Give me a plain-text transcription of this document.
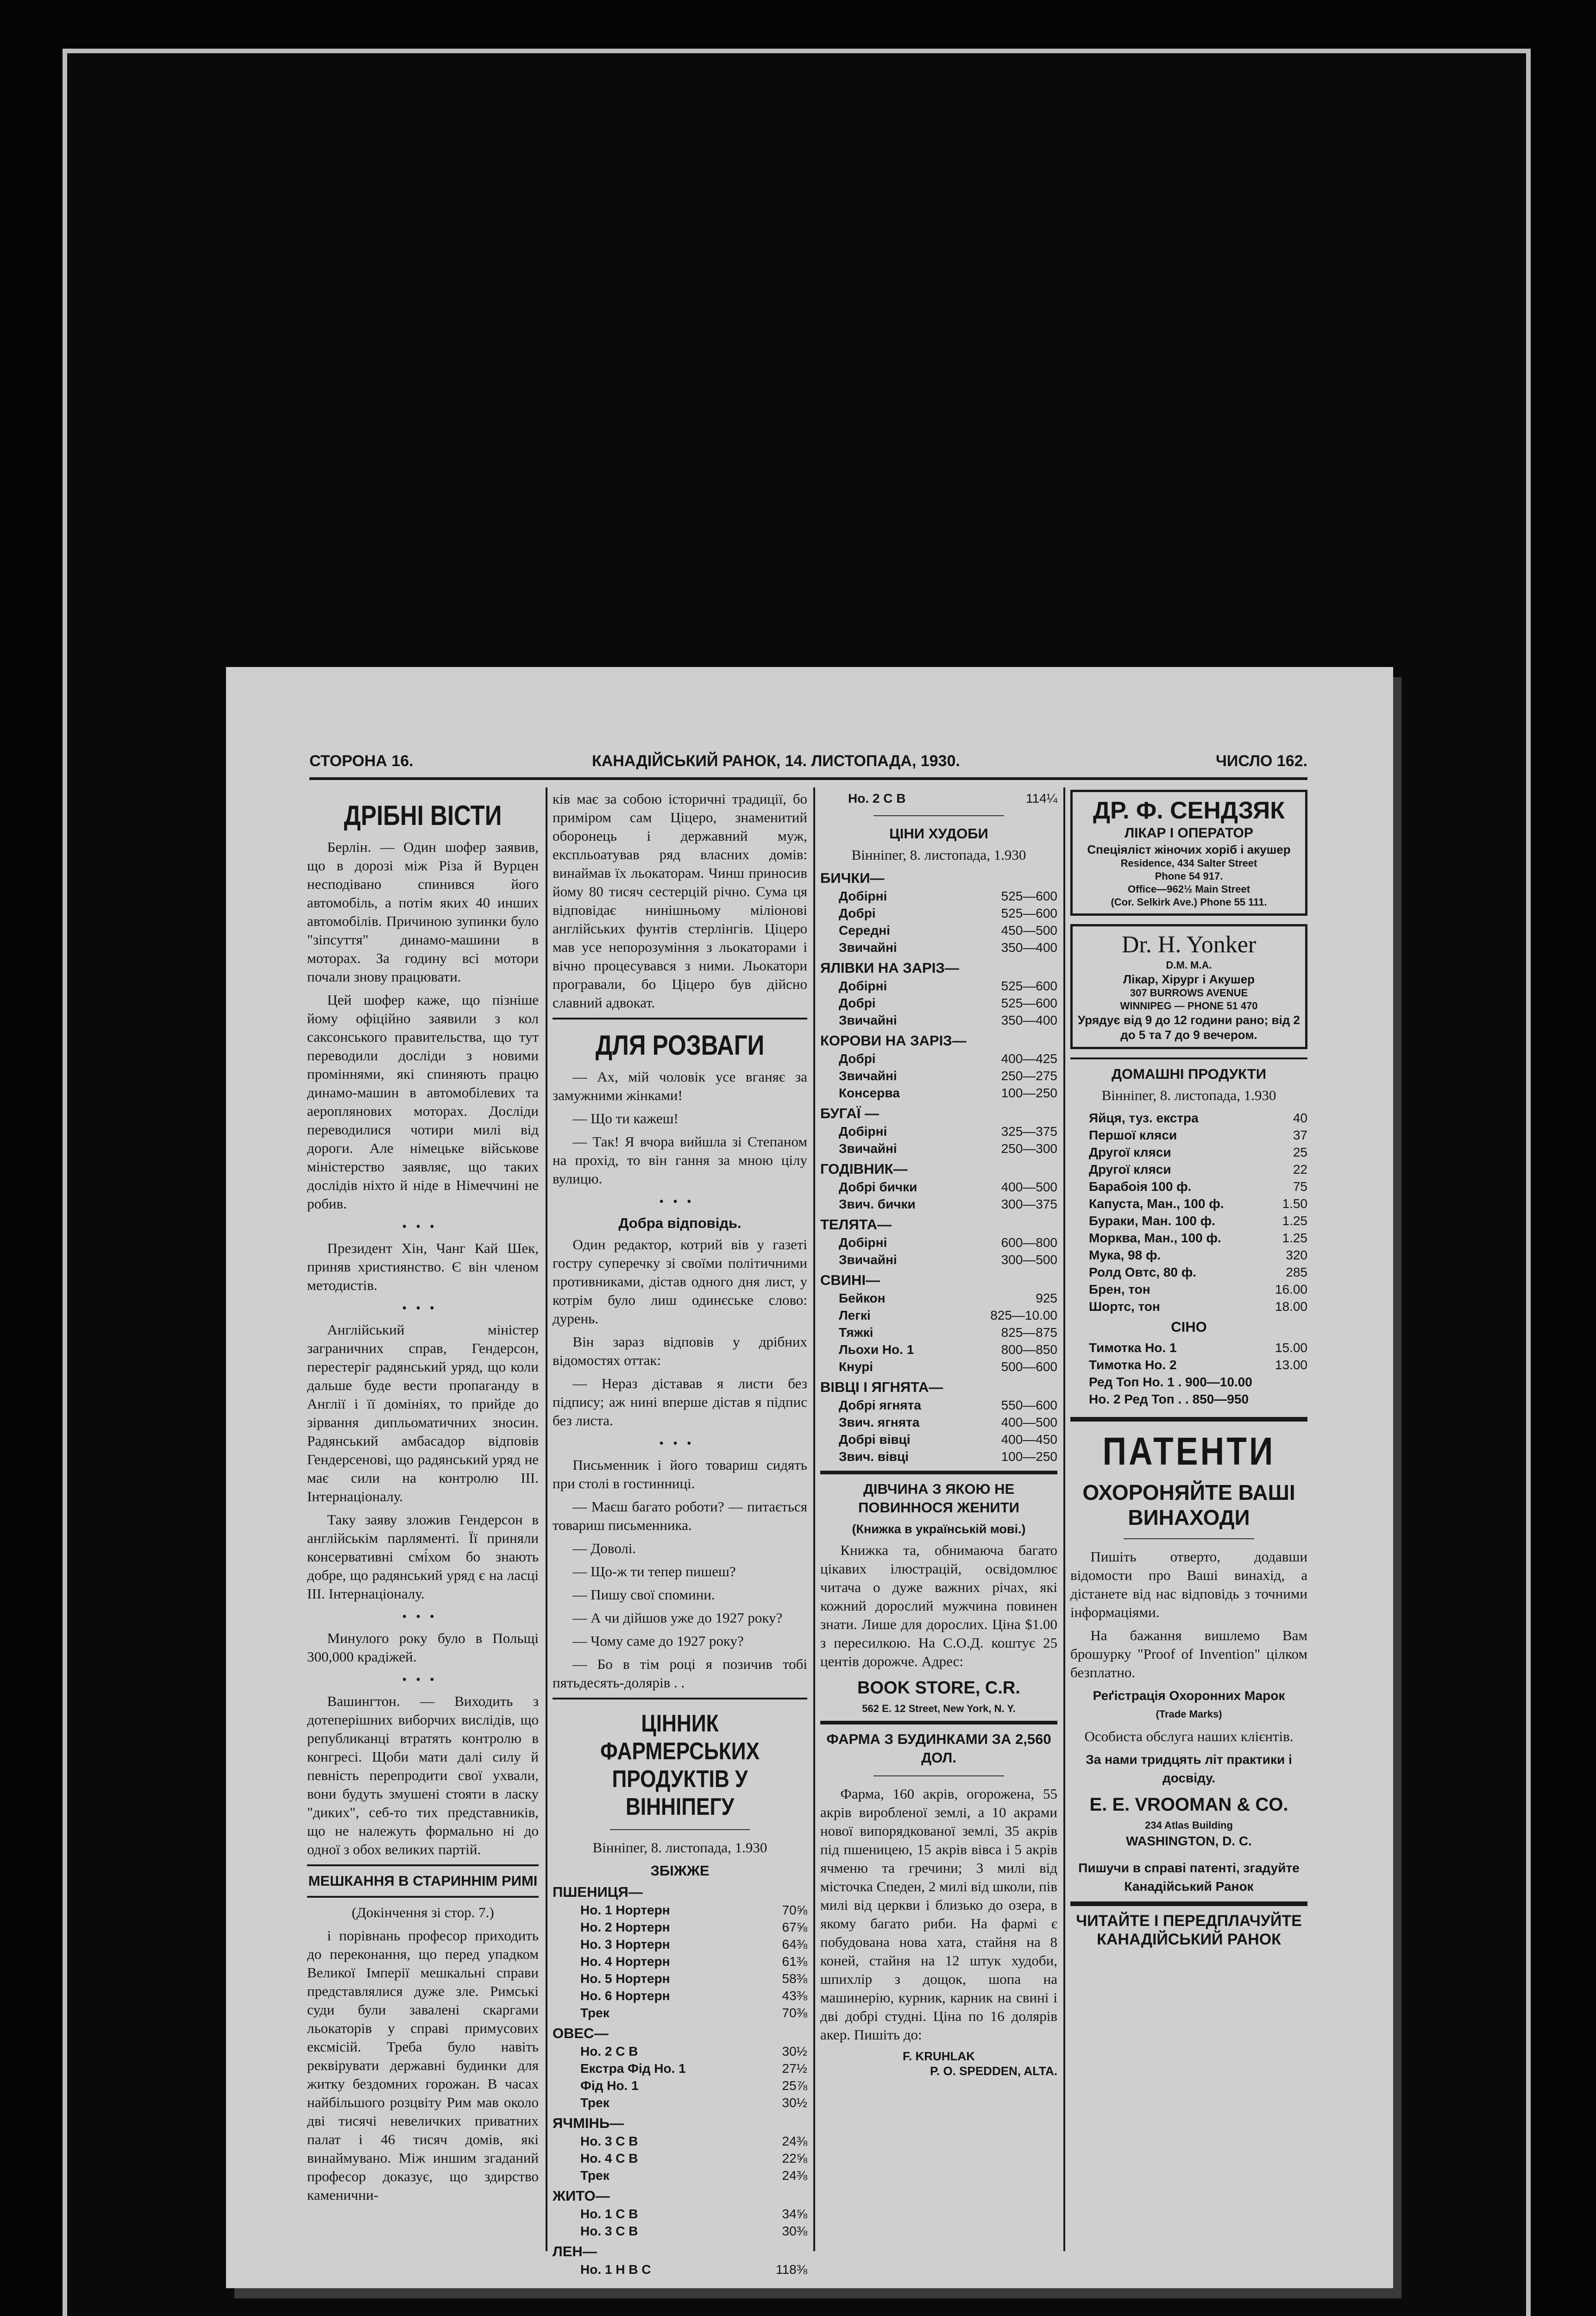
СТОРОНА 16.	КАНАДІЙСЬКИЙ РАНОК, 14. ЛИСТОПАДА, 1930.	ЧИСЛО 162.
ДРІБНІ ВІСТИ

Берлін. — Один шофер заявив, що в дорозі між Різа й Вурцен несподівано спинився його автомобіль, а потім яких 40 инших автомобілів. Причиною зупинки було "зіпсуття" динамо-машини в моторах. За годину всі мотори почали знову працювати.

Цей шофер каже, що пізніше йому офіційно заявили з кол саксонського правительства, що тут переводили досліди з новими проміннями, які спиняють працю динамо-машин в автомобілевих та аеропляновиx моторах. Досліди переводилися чотири милі від дороги. Але німецьке військове міністерство заявляє, що таких дослідів ніхто й ніде в Німеччині не робив.

•••

Президент Хін, Чанг Кай Шек, приняв християнство. Є він членом методистів.

•••

Англійський міністер заграничних справ, Гендерсон, перестеріг радянський уряд, що коли дальше буде вести пропаганду в Англії і її домініях, то прийде до зірвання дипльоматичних зносин. Радянський амбасадор відповів Гендерсенові, що радянський уряд не має сили на контролю ІІІ. Інтернаціоналу.

Таку заяву зложив Гендерсон в англійськім парляменті. Її приняли консервативні смі́хом бо знають добре, що радянський уряд є на ласці ІІІ. Інтернаціоналу.

•••

Минулого року було в Польщі 300,000 крадіжей.

•••

Вашингтон. — Виходить з дотеперішних виборчих вислідів, що републиканці втратять контролю в конгресі. Щоби мати далі силу й певність перепродити свої ухвали, вони будуть змушені стояти в ласку "диких", себ-то тих представників, що не належуть формально ні до одної з обох великих партій.

МЕШКАННЯ В СТАРИННІМ РИМІ

(Докінчення зі стор. 7.)

і порівнань професор приходить до переконання, що перед упадком Великої Імперії мешкальні справи представлялися дуже зле. Римські суди були завалені скаргами льокаторів у справі примусових ексмісій. Треба було навіть реквірувати державні будинки для житку бездомних горожан. В часах найбільшого розцвіту Рим мав около дві тисячі невеличких приватних палат і 46 тисяч домів, які винаймувано. Між иншим згаданий професор доказує, що здирство каменични-

ків має за собою історичні традиції, бо приміром сам Ціцеро, знаменитий оборонець і державний муж, експльоатував ряд власних домів: винаймав їх льокаторам. Чинш приносив йому 80 тисяч сестерцій річно. Сума ця відповідає нинішньому міліонові англійських фунтів стерлінгів. Ціцеро мав усе непорозуміння з льокаторами і вічно процесувався з ними. Льокатори програвали, бо Ціцеро був дійсно славний адвокат.

ДЛЯ РОЗВАГИ

— Ах, мій чоловік усе вганяє за замужними жінками!

— Що ти кажеш!

— Так! Я вчора вийшла зі Степаном на прохід, то він гання за мною цілу вулицю.

•••
Добра відповідь.

Один редактор, котрий вів у газеті гостру суперечку зі своїми політичними противниками, дістав одного дня лист, у котрім було лиш одинєське слово: дурень.

Він зараз відповів у дрібних відомостях оттак:

— Нераз діставав я листи без підпису; аж нині вперше дістав я підпис без листа.

•••

Письменник і його товариш сидять при столі в гостинниці.

— Маєш багато роботи? — питається товариш письменника.

— Доволі.

— Що-ж ти тепер пишеш?

— Пишу свої спомини.

— А чи дійшов уже до 1927 року?

— Чому саме до 1927 року?

— Бо в тім році я позичив тобі пятьдесять-долярів . .

ЦІННИК ФАРМЕРСЬКИХ ПРОДУКТІВ У ВІННІПЕГУ

Вінніпег, 8. листопада, 1.930

ЗБІЖЖЕ
ПШЕНИЦЯ—
Но. 1 Нортерн	70⅝
Но. 2 Нортерн	67⅝
Но. 3 Нортерн	64⅜
Но. 4 Нортерн	61⅜
Но. 5 Нортерн	58⅜
Но. 6 Нортерн	43⅜
Трек	70⅜
ОВЕС—
Но. 2 С В	30½
Екстра Фід Но. 1	27½
Фід Но. 1	25⅞
Трек	30½
ЯЧМІНЬ—
Но. 3 С В	24⅜
Но. 4 С В	22⅝
Трек	24⅜
ЖИТО—
Но. 1 С В	34⅝
Но. 3 С В	30⅜
ЛЕН—
Но. 1 Н В С	118⅜
Но. 2 С В	114¼
ЦІНИ ХУДОБИ

Вінніпег, 8. листопада, 1.930

БИЧКИ—
Добірні	525—600
Добрі	525—600
Середні	450—500
Звичайні	350—400
ЯЛІВКИ НА ЗАРІЗ—
Добірні	525—600
Добрі	525—600
Звичайні	350—400
КОРОВИ НА ЗАРІЗ—
Добрі	400—425
Звичайні	250—275
Консерва	100—250
БУГАЇ —
Добірні	325—375
Звичайні	250—300
ГОДІВНИК—
Добрі бички	400—500
Звич. бички	300—375
ТЕЛЯТА—
Добірні	600—800
Звичайні	300—500
СВИНІ—
Бейкон	925
Легкі	825—10.00
Тяжкі	825—875
Льохи Но. 1	800—850
Кнурі	500—600
ВІВЦІ І ЯГНЯТА—
Добрі ягнята	550—600
Звич. ягнята	400—500
Добрі вівці	400—450
Звич. вівці	100—250
ДІВЧИНА З ЯКОЮ НЕ ПОВИННОСЯ ЖЕНИТИ
(Книжка в українській мові.)

Книжка та, обнимаюча багато цікавих ілюстрацій, освідомлює читача о дуже важних річах, які кожний дорослий мужчина повинен знати. Лише для дорослих. Ціна $1.00 з пересилкою. На С.О.Д. коштує 25 центів дорожче. Адрес:

BOOK STORE, C.R.
562 E. 12 Street, New York, N. Y.
ФАРМА З БУДИНКАМИ ЗА 2,560 ДОЛ.

Фарма, 160 акрів, огорожена, 55 акрів виробленої землі, а 10 акрами нової випорядкованої землі, 35 акрів під пшеницею, 15 акрів вівса і 5 акрів ячменю та гречини; 3 милі від місточка Спеден, 2 милі від школи, пів милі від церкви і близько до озера, в якому багато риби. На фармі є побудована нова хата, стайня на 8 коней, стайня на 12 штук худоби, шпихлір з дощок, шопа на машинерію, курник, карник на свині і дві добрі студні. Ціна по 16 долярів акер. Пишіть до:

F. KRUHLAK
P. O. SPEDDEN, ALTA.
ДР. Ф. СЕНДЗЯК
ЛІКАР І ОПЕРАТОР
Спеціяліст жіночих хоріб і акушер
Residence, 434 Salter Street
Phone 54 917.
Office—962½ Main Street
(Cor. Selkirk Ave.) Phone 55 111.
Dr. H. Yonker
D.M. M.A.
Лікар, Хірург і Акушер
307 BURROWS AVENUE
WINNIPEG — PHONE 51 470
Урядує від 9 до 12 години рано; від 2 до 5 та 7 до 9 вечером.
ДОМАШНІ ПРОДУКТИ

Вінніпег, 8. листопада, 1.930

Яйця, туз. екстра	40
Першої кляси	37
Другої кляси	25
Другої кляси	22
Барабоія 100 ф.	75
Капуста, Ман., 100 ф.	1.50
Бураки, Ман. 100 ф.	1.25
Морква, Ман., 100 ф.	1.25
Мука, 98 ф.	320
Ролд Овтс, 80 ф.	285
Брен, тон	16.00
Шортс, тон	18.00
СІНО
Тимотка Но. 1	15.00
Тимотка Но. 2	13.00
Ред Топ Но. 1 . 900—10.00
Но. 2 Ред Топ . . 850—950
ПАТЕНТИ
ОХОРОНЯЙТЕ ВАШІ ВИНАХОДИ

Пишіть отверто, додавши відомости про Ваші винахід, а дістанете від нас відповідь з точними інформаціями.

На бажання вишлемо Вам брошурку "Proof of Invention" цілком безплатно.

Реґістрація Охоронних Марок
(Trade Marks)

Особиста обслуга наших клієнтів.

За нами тридцять літ практики і досвіду.
E. E. VROOMAN & CO.
234 Atlas Building
WASHINGTON, D. C.
Пишучи в справі патенті, згадуйте Канадійський Ранок
ЧИТАЙТЕ І ПЕРЕДПЛАЧУЙТЕ КАНАДІЙСЬКИЙ РАНОК
